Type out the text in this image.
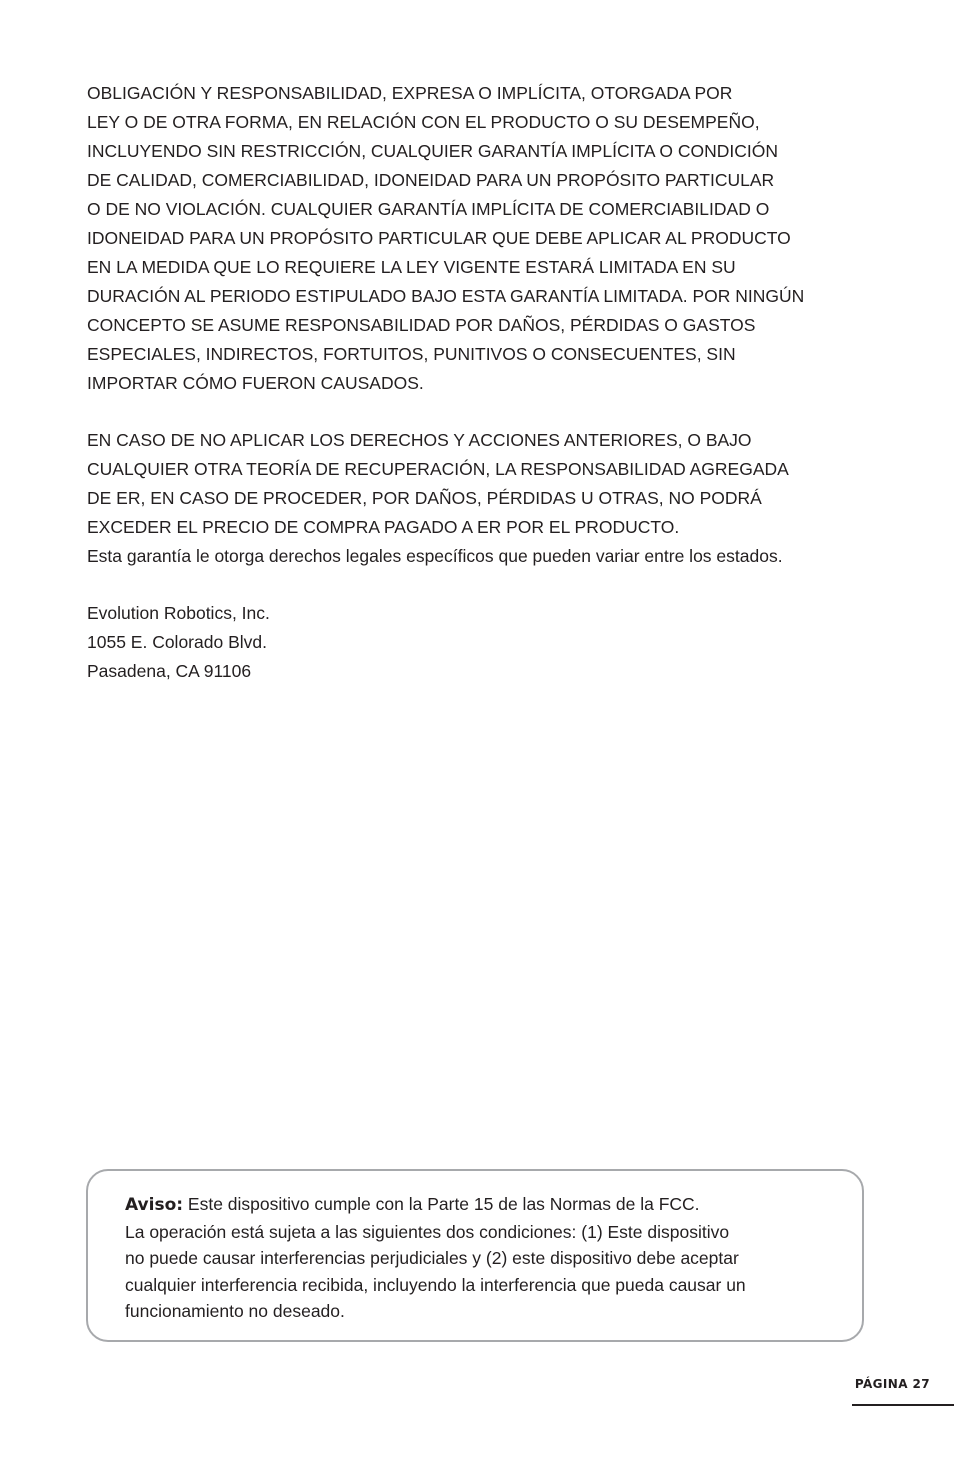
OBLIGACIÓN Y RESPONSABILIDAD, EXPRESA O IMPLÍCITA, OTORGADA POR
LEY O DE OTRA FORMA, EN RELACIÓN CON EL PRODUCTO O SU DESEMPEÑO,
INCLUYENDO SIN RESTRICCIÓN, CUALQUIER GARANTÍA IMPLÍCITA O CONDICIÓN
DE CALIDAD, COMERCIABILIDAD, IDONEIDAD PARA UN PROPÓSITO PARTICULAR
O DE NO VIOLACIÓN. CUALQUIER GARANTÍA IMPLÍCITA DE COMERCIABILIDAD O
IDONEIDAD PARA UN PROPÓSITO PARTICULAR QUE DEBE APLICAR AL PRODUCTO
EN LA MEDIDA QUE LO REQUIERE LA LEY VIGENTE ESTARÁ LIMITADA EN SU
DURACIÓN AL PERIODO ESTIPULADO BAJO ESTA GARANTÍA LIMITADA. POR NINGÚN
CONCEPTO SE ASUME RESPONSABILIDAD POR DAÑOS, PÉRDIDAS O GASTOS
ESPECIALES, INDIRECTOS, FORTUITOS, PUNITIVOS O CONSECUENTES, SIN
IMPORTAR CÓMO FUERON CAUSADOS.

EN CASO DE NO APLICAR LOS DERECHOS Y ACCIONES ANTERIORES, O BAJO
CUALQUIER OTRA TEORÍA DE RECUPERACIÓN, LA RESPONSABILIDAD AGREGADA
DE ER, EN CASO DE PROCEDER, POR DAÑOS, PÉRDIDAS U OTRAS, NO PODRÁ
EXCEDER EL PRECIO DE COMPRA PAGADO A ER POR EL PRODUCTO.
Esta garantía le otorga derechos legales específicos que pueden variar entre los estados.

Evolution Robotics, Inc.
1055 E. Colorado Blvd.
Pasadena, CA 91106

Aviso: Este dispositivo cumple con la Parte 15 de las Normas de la FCC.
La operación está sujeta a las siguientes dos condiciones: (1) Este dispositivo
no puede causar interferencias perjudiciales y (2) este dispositivo debe aceptar
cualquier interferencia recibida, incluyendo la interferencia que pueda causar un
funcionamiento no deseado.
PÁGINA 27
